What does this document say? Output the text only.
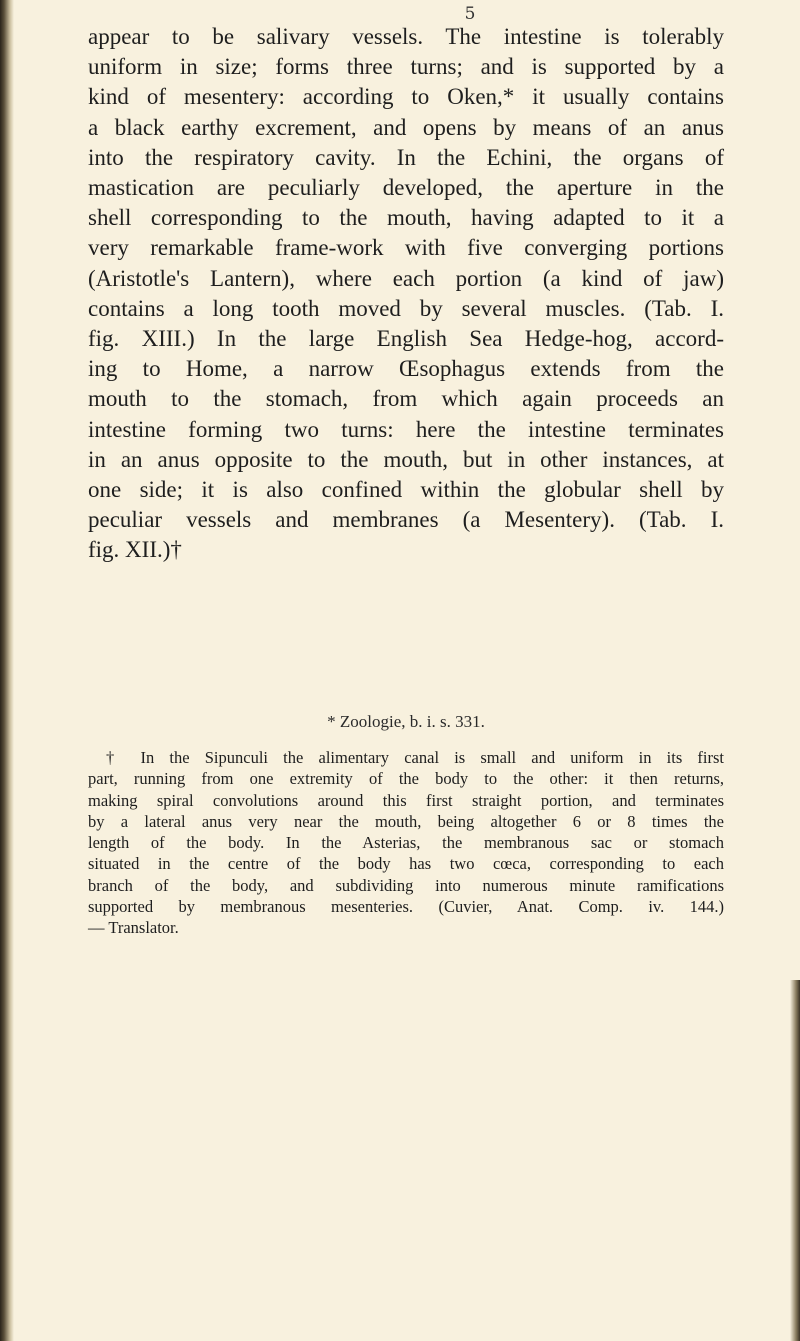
5
appear to be salivary vessels. The intestine is tolerably
uniform in size; forms three turns; and is supported by a
kind of mesentery: according to Oken,* it usually contains
a black earthy excrement, and opens by means of an anus
into the respiratory cavity. In the Echini, the organs of
mastication are peculiarly developed, the aperture in the
shell corresponding to the mouth, having adapted to it a
very remarkable frame-work with five converging portions
(Aristotle's Lantern), where each portion (a kind of jaw)
contains a long tooth moved by several muscles. (Tab. I.
fig. XIII.) In the large English Sea Hedge-hog, accord-
ing to Home, a narrow Œsophagus extends from the
mouth to the stomach, from which again proceeds an
intestine forming two turns: here the intestine terminates
in an anus opposite to the mouth, but in other instances, at
one side; it is also confined within the globular shell by
peculiar vessels and membranes (a Mesentery). (Tab. I.
fig. XII.)†
* Zoologie, b. i. s. 331.
† In the Sipunculi the alimentary canal is small and uniform in its first
part, running from one extremity of the body to the other: it then returns,
making spiral convolutions around this first straight portion, and terminates
by a lateral anus very near the mouth, being altogether 6 or 8 times the
length of the body. In the Asterias, the membranous sac or stomach
situated in the centre of the body has two cœca, corresponding to each
branch of the body, and subdividing into numerous minute ramifications
supported by membranous mesenteries. (Cuvier, Anat. Comp. iv. 144.)
— Translator.
